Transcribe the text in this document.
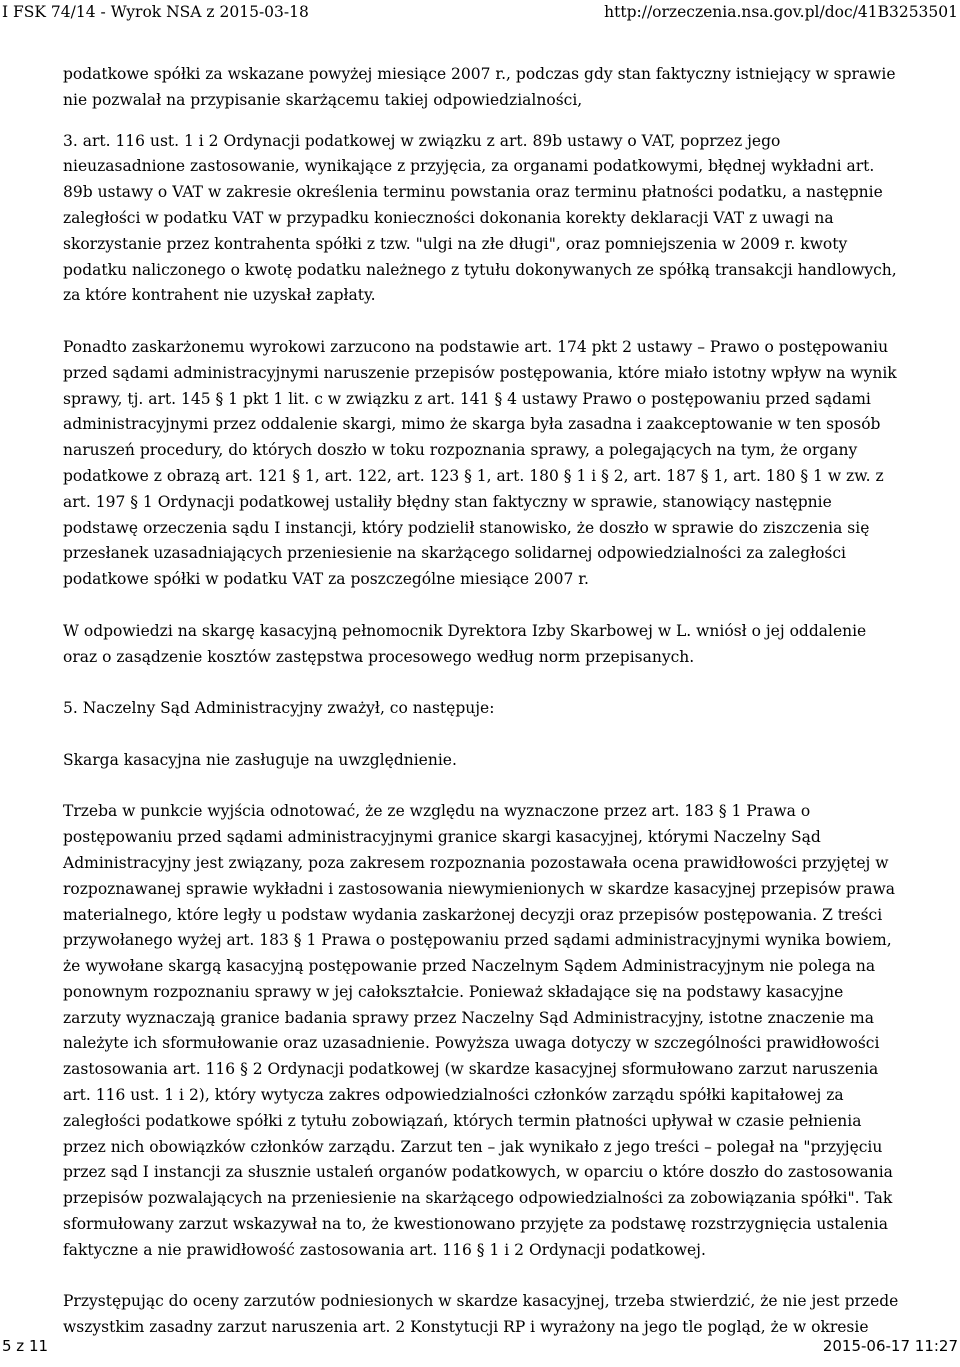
I FSK 74/14 - Wyrok NSA z 2015-03-18	http://orzeczenia.nsa.gov.pl/doc/41B3253501

podatkowe spółki za wskazane powyżej miesiące 2007 r., podczas gdy stan faktyczny istniejący w sprawie nie pozwalał na przypisanie skarżącemu takiej odpowiedzialności,

3. art. 116 ust. 1 i 2 Ordynacji podatkowej w związku z art. 89b ustawy o VAT, poprzez jego nieuzasadnione zastosowanie, wynikające z przyjęcia, za organami podatkowymi, błędnej wykładni art. 89b ustawy o VAT w zakresie określenia terminu powstania oraz terminu płatności podatku, a następnie zaległości w podatku VAT w przypadku konieczności dokonania korekty deklaracji VAT z uwagi na skorzystanie przez kontrahenta spółki z tzw. "ulgi na złe długi", oraz pomniejszenia w 2009 r. kwoty podatku naliczonego o kwotę podatku należnego z tytułu dokonywanych ze spółką transakcji handlowych, za które kontrahent nie uzyskał zapłaty.

Ponadto zaskarżonemu wyrokowi zarzucono na podstawie art. 174 pkt 2 ustawy – Prawo o postępowaniu przed sądami administracyjnymi naruszenie przepisów postępowania, które miało istotny wpływ na wynik sprawy, tj. art. 145 § 1 pkt 1 lit. c w związku z art. 141 § 4 ustawy Prawo o postępowaniu przed sądami administracyjnymi przez oddalenie skargi, mimo że skarga była zasadna i zaakceptowanie w ten sposób naruszeń procedury, do których doszło w toku rozpoznania sprawy, a polegających na tym, że organy podatkowe z obrazą art. 121 § 1, art. 122, art. 123 § 1, art. 180 § 1 i § 2, art. 187 § 1, art. 180 § 1 w zw. z art. 197 § 1 Ordynacji podatkowej ustaliły błędny stan faktyczny w sprawie, stanowiący następnie podstawę orzeczenia sądu I instancji, który podzielił stanowisko, że doszło w sprawie do ziszczenia się przesłanek uzasadniających przeniesienie na skarżącego solidarnej odpowiedzialności za zaległości podatkowe spółki w podatku VAT za poszczególne miesiące 2007 r.

W odpowiedzi na skargę kasacyjną pełnomocnik Dyrektora Izby Skarbowej w L. wniósł o jej oddalenie oraz o zasądzenie kosztów zastępstwa procesowego według norm przepisanych.

5. Naczelny Sąd Administracyjny zważył, co następuje:

Skarga kasacyjna nie zasługuje na uwzględnienie.

Trzeba w punkcie wyjścia odnotować, że ze względu na wyznaczone przez art. 183 § 1 Prawa o postępowaniu przed sądami administracyjnymi granice skargi kasacyjnej, którymi Naczelny Sąd Administracyjny jest związany, poza zakresem rozpoznania pozostawała ocena prawidłowości przyjętej w rozpoznawanej sprawie wykładni i zastosowania niewymienionych w skardze kasacyjnej przepisów prawa materialnego, które legły u podstaw wydania zaskarżonej decyzji oraz przepisów postępowania. Z treści przywołanego wyżej art. 183 § 1 Prawa o postępowaniu przed sądami administracyjnymi wynika bowiem, że wywołane skargą kasacyjną postępowanie przed Naczelnym Sądem Administracyjnym nie polega na ponownym rozpoznaniu sprawy w jej całokształcie. Ponieważ składające się na podstawy kasacyjne zarzuty wyznaczają granice badania sprawy przez Naczelny Sąd Administracyjny, istotne znaczenie ma należyte ich sformułowanie oraz uzasadnienie. Powyższa uwaga dotyczy w szczególności prawidłowości zastosowania art. 116 § 2 Ordynacji podatkowej (w skardze kasacyjnej sformułowano zarzut naruszenia art. 116 ust. 1 i 2), który wytycza zakres odpowiedzialności członków zarządu spółki kapitałowej za zaległości podatkowe spółki z tytułu zobowiązań, których termin płatności upływał w czasie pełnienia przez nich obowiązków członków zarządu. Zarzut ten – jak wynikało z jego treści – polegał na "przyjęciu przez sąd I instancji za słusznie ustaleń organów podatkowych, w oparciu o które doszło do zastosowania przepisów pozwalających na przeniesienie na skarżącego odpowiedzialności za zobowiązania spółki". Tak sformułowany zarzut wskazywał na to, że kwestionowano przyjęte za podstawę rozstrzygnięcia ustalenia faktyczne a nie prawidłowość zastosowania art. 116 § 1 i 2 Ordynacji podatkowej.

Przystępując do oceny zarzutów podniesionych w skardze kasacyjnej, trzeba stwierdzić, że nie jest przede wszystkim zasadny zarzut naruszenia art. 2 Konstytucji RP i wyrażony na jego tle pogląd, że w okresie

5 z 11	2015-06-17 11:27
